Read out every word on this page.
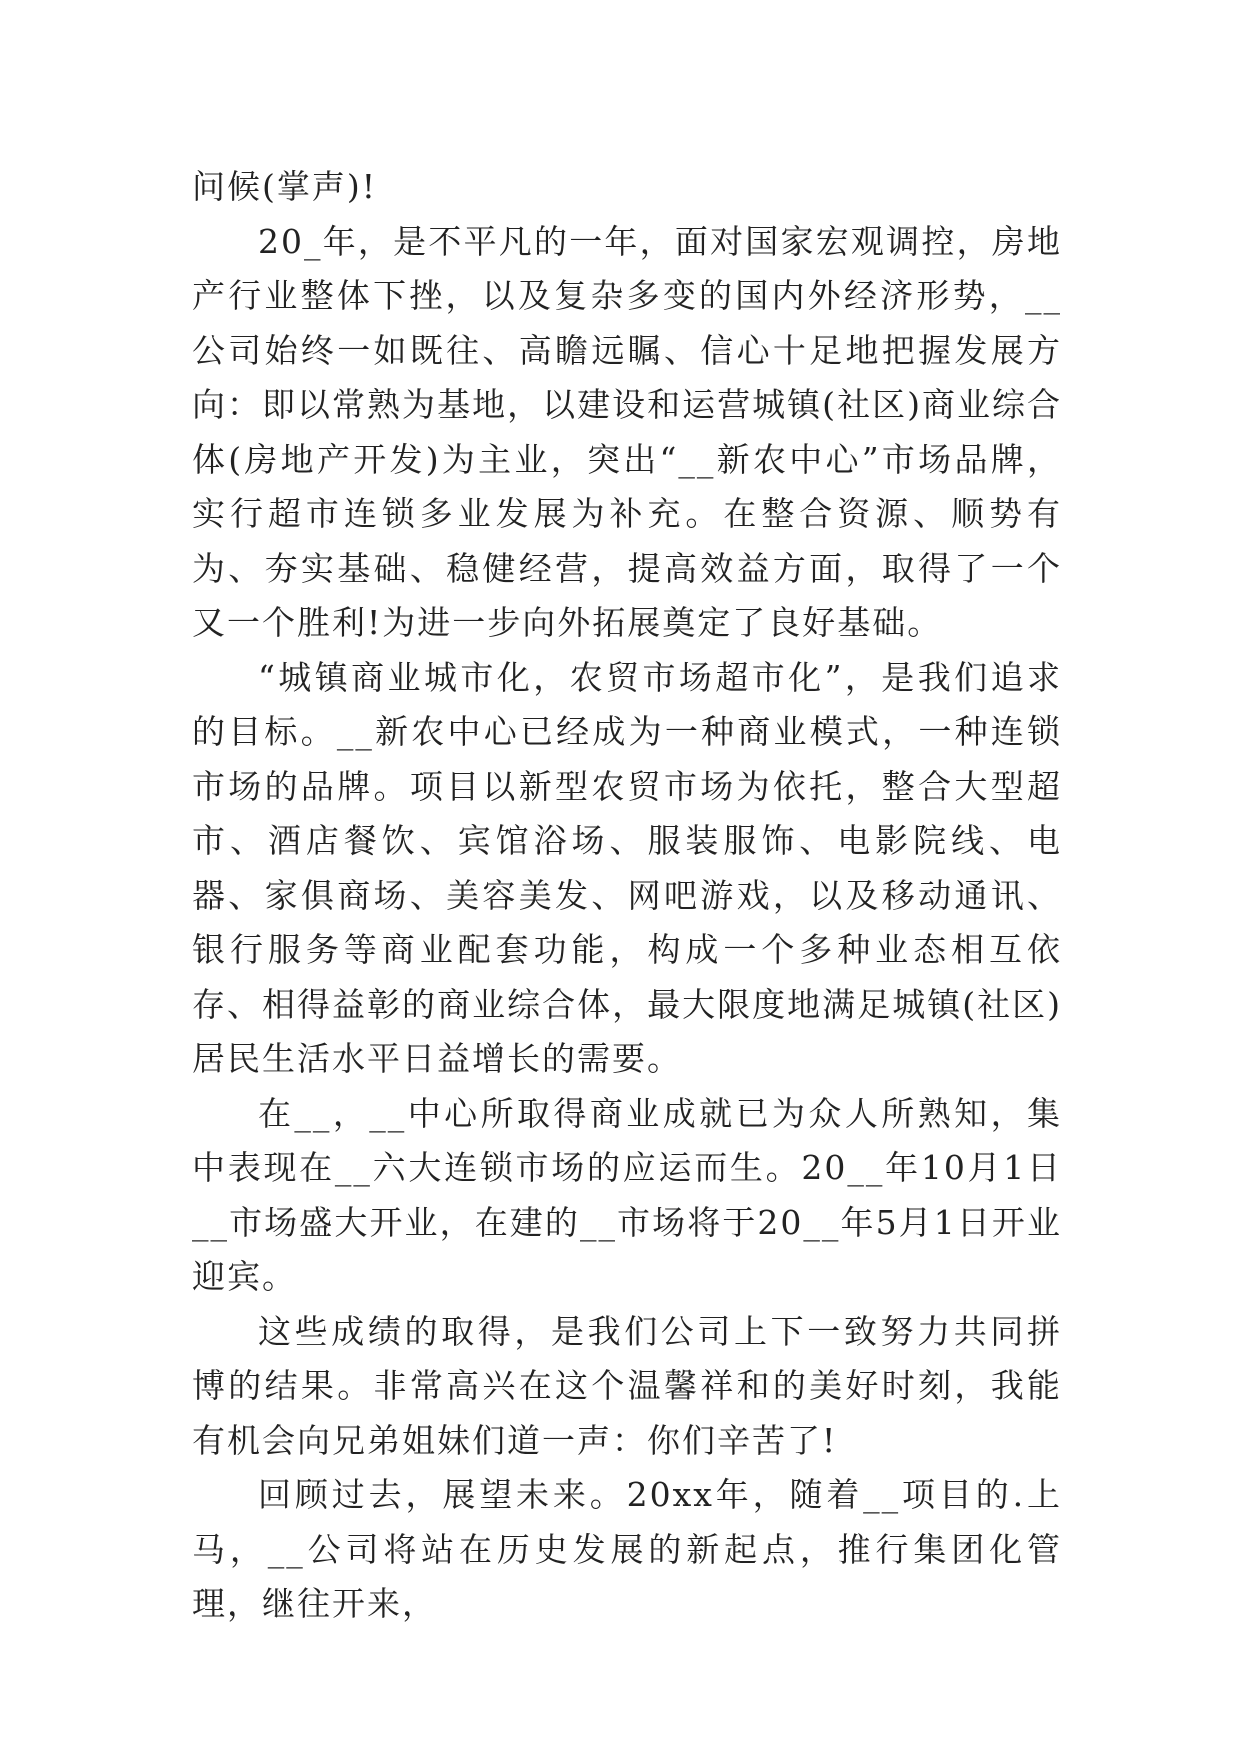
问候(掌声)!

20_年，是不平凡的一年，面对国家宏观调控，房地产行业整体下挫，以及复杂多变的国内外经济形势，__公司始终一如既往、高瞻远瞩、信心十足地把握发展方向：即以常熟为基地，以建设和运营城镇(社区)商业综合体(房地产开发)为主业，突出“__新农中心”市场品牌，实行超市连锁多业发展为补充。在整合资源、顺势有为、夯实基础、稳健经营，提高效益方面，取得了一个又一个胜利!为进一步向外拓展奠定了良好基础。

“城镇商业城市化，农贸市场超市化”，是我们追求的目标。__新农中心已经成为一种商业模式，一种连锁市场的品牌。项目以新型农贸市场为依托，整合大型超市、酒店餐饮、宾馆浴场、服装服饰、电影院线、电器、家俱商场、美容美发、网吧游戏，以及移动通讯、银行服务等商业配套功能，构成一个多种业态相互依存、相得益彰的商业综合体，最大限度地满足城镇(社区)居民生活水平日益增长的需要。

在__，__中心所取得商业成就已为众人所熟知，集中表现在__六大连锁市场的应运而生。20__年10月1日__市场盛大开业，在建的__市场将于20__年5月1日开业迎宾。

这些成绩的取得，是我们公司上下一致努力共同拼博的结果。非常高兴在这个温馨祥和的美好时刻，我能有机会向兄弟姐妹们道一声：你们辛苦了!

回顾过去，展望未来。20xx年，随着__项目的.上马，__公司将站在历史发展的新起点，推行集团化管理，继往开来，
